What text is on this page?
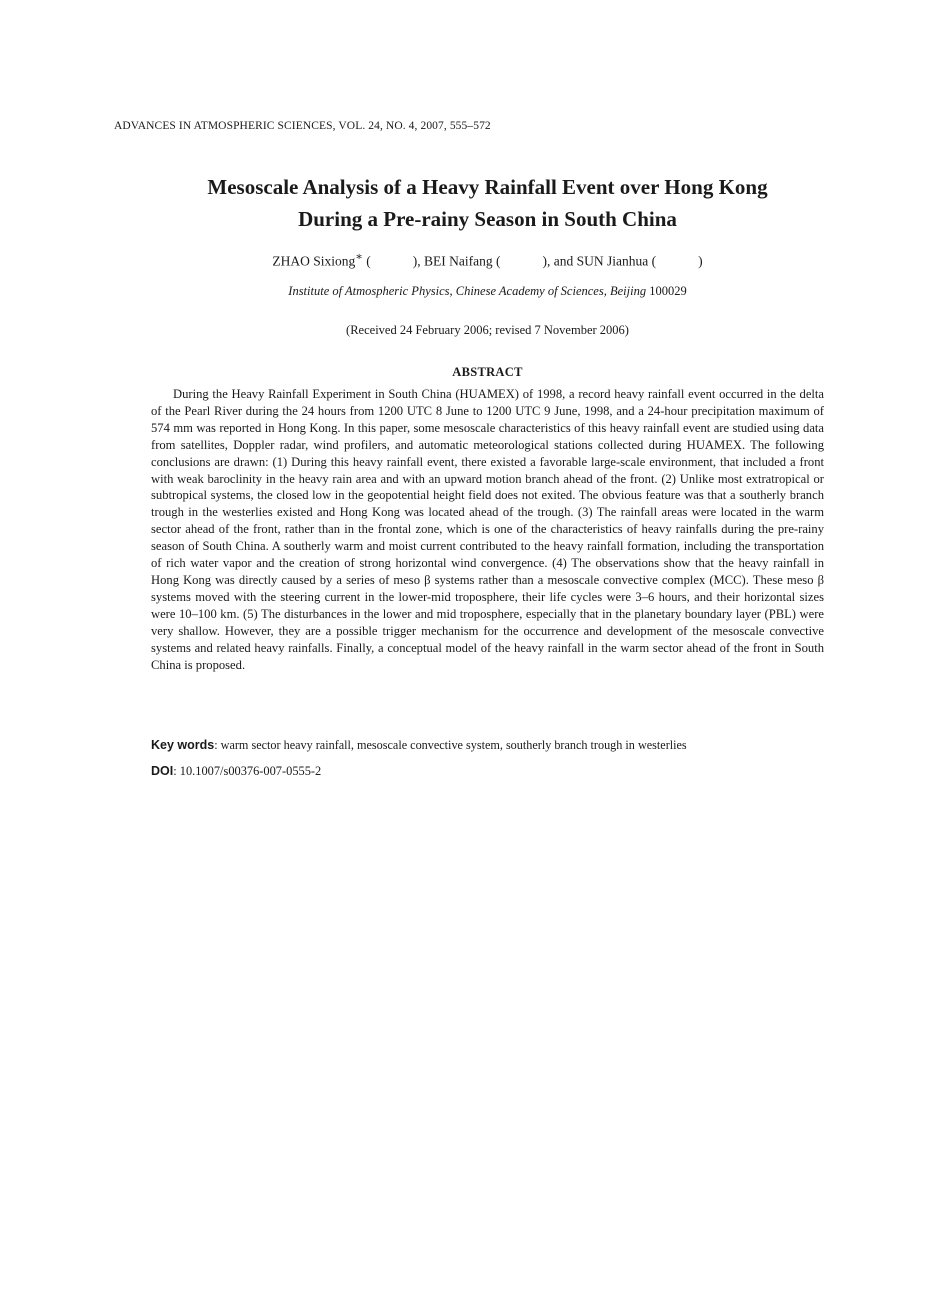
ADVANCES IN ATMOSPHERIC SCIENCES, VOL. 24, NO. 4, 2007, 555–572
Mesoscale Analysis of a Heavy Rainfall Event over Hong Kong
During a Pre-rainy Season in South China
ZHAO Sixiong∗ (	), BEI Naifang (	), and SUN Jianhua (	)
Institute of Atmospheric Physics, Chinese Academy of Sciences, Beijing 100029
(Received 24 February 2006; revised 7 November 2006)
ABSTRACT
During the Heavy Rainfall Experiment in South China (HUAMEX) of 1998, a record heavy rainfall event occurred in the delta of the Pearl River during the 24 hours from 1200 UTC 8 June to 1200 UTC 9 June, 1998, and a 24-hour precipitation maximum of 574 mm was reported in Hong Kong. In this paper, some mesoscale characteristics of this heavy rainfall event are studied using data from satellites, Doppler radar, wind profilers, and automatic meteorological stations collected during HUAMEX. The following conclusions are drawn: (1) During this heavy rainfall event, there existed a favorable large-scale environment, that included a front with weak baroclinity in the heavy rain area and with an upward motion branch ahead of the front. (2) Unlike most extratropical or subtropical systems, the closed low in the geopotential height field does not exited. The obvious feature was that a southerly branch trough in the westerlies existed and Hong Kong was located ahead of the trough. (3) The rainfall areas were located in the warm sector ahead of the front, rather than in the frontal zone, which is one of the characteristics of heavy rainfalls during the pre-rainy season of South China. A southerly warm and moist current contributed to the heavy rainfall formation, including the transportation of rich water vapor and the creation of strong horizontal wind convergence. (4) The observations show that the heavy rainfall in Hong Kong was directly caused by a series of meso β systems rather than a mesoscale convective complex (MCC). These meso β systems moved with the steering current in the lower-mid troposphere, their life cycles were 3–6 hours, and their horizontal sizes were 10–100 km. (5) The disturbances in the lower and mid troposphere, especially that in the planetary boundary layer (PBL) were very shallow. However, they are a possible trigger mechanism for the occurrence and development of the mesoscale convective systems and related heavy rainfalls. Finally, a conceptual model of the heavy rainfall in the warm sector ahead of the front in South China is proposed.
Key words: warm sector heavy rainfall, mesoscale convective system, southerly branch trough in westerlies
DOI: 10.1007/s00376-007-0555-2
